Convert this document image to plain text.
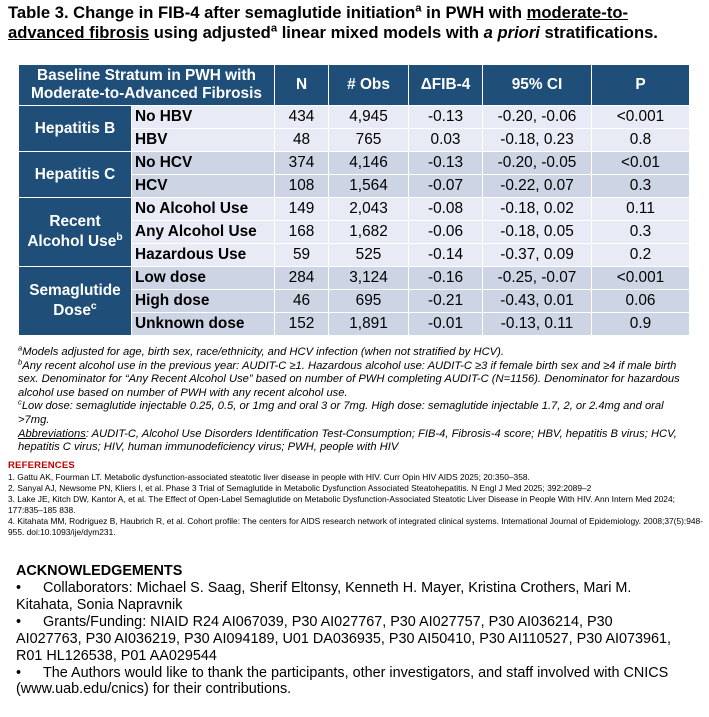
Table 3. Change in FIB-4 after semaglutide initiation$^a$ in PWH with moderate-to-advanced fibrosis using adjusted$^a$ linear mixed models with a priori stratifications.
Baseline Stratum in PWH with Moderate-to-Advanced Fibrosis		N	# Obs	ΔFIB-4	95% CI	P
Hepatitis B	No HBV	434	4,945	-0.13	-0.20, -0.06	<0.001
	HBV	48	765	0.03	-0.18, 0.23	0.8
Hepatitis C	No HCV	374	4,146	-0.13	-0.20, -0.05	<0.01
	HCV	108	1,564	-0.07	-0.22, 0.07	0.3
Recent
Alcohol Use$^b$	No Alcohol Use	149	2,043	-0.08	-0.18, 0.02	0.11
	Any Alcohol Use	168	1,682	-0.06	-0.18, 0.05	0.3
	Hazardous Use	59	525	-0.14	-0.37, 0.09	0.2
Semaglutide
Dose$^c$	Low dose	284	3,124	-0.16	-0.25, -0.07	<0.001
	High dose	46	695	-0.21	-0.43, 0.01	0.06
	Unknown dose	152	1,891	-0.01	-0.13, 0.11	0.9

$^a$Models adjusted for age, birth sex, race/ethnicity, and HCV infection (when not stratified by HCV).

$^b$Any recent alcohol use in the previous year: AUDIT-C ≥1. Hazardous alcohol use: AUDIT-C ≥3 if female birth sex and ≥4 if male birth sex. Denominator for “Any Recent Alcohol Use” based on number of PWH completing AUDIT-C (N=1156). Denominator for hazardous alcohol use based on number of PWH with any recent alcohol use.

$^c$Low dose: semaglutide injectable 0.25, 0.5, or 1mg and oral 3 or 7mg. High dose: semaglutide injectable 1.7, 2, or 2.4mg and oral >7mg.

Abbreviations: AUDIT-C, Alcohol Use Disorders Identification Test-Consumption; FIB-4, Fibrosis-4 score; HBV, hepatitis B virus; HCV, hepatitis C virus; HIV, human immunodeficiency virus; PWH, people with HIV

REFERENCES

1. Gattu AK, Fourman LT. Metabolic dysfunction-associated steatotic liver disease in people with HIV. Curr Opin HIV AIDS 2025; 20:350–358.

2. Sanyal AJ, Newsome PN, Kliers I, et al. Phase 3 Trial of Semaglutide in Metabolic Dysfunction Associated Steatohepatitis. N Engl J Med 2025; 392:2089–2

3. Lake JE, Kitch DW, Kantor A, et al. The Effect of Open-Label Semaglutide on Metabolic Dysfunction-Associated Steatotic Liver Disease in People With HIV. Ann Intern Med 2024; 177:835–185 838.

4. Kitahata MM, Rodriguez B, Haubrich R, et al. Cohort profile: The centers for AIDS research network of integrated clinical systems. International Journal of Epidemiology. 2008;37(5):948-955. doi:10.1093/ije/dym231.

ACKNOWLEDGEMENTS

• Collaborators: Michael S. Saag, Sherif Eltonsy, Kenneth H. Mayer, Kristina Crothers, Mari M. Kitahata, Sonia Napravnik

• Grants/Funding: NIAID R24 AI067039, P30 AI027767, P30 AI027757, P30 AI036214, P30 AI027763, P30 AI036219, P30 AI094189, U01 DA036935, P30 AI50410, P30 AI110527, P30 AI073961, R01 HL126538, P01 AA029544

• The Authors would like to thank the participants, other investigators, and staff involved with CNICS (www.uab.edu/cnics) for their contributions.
